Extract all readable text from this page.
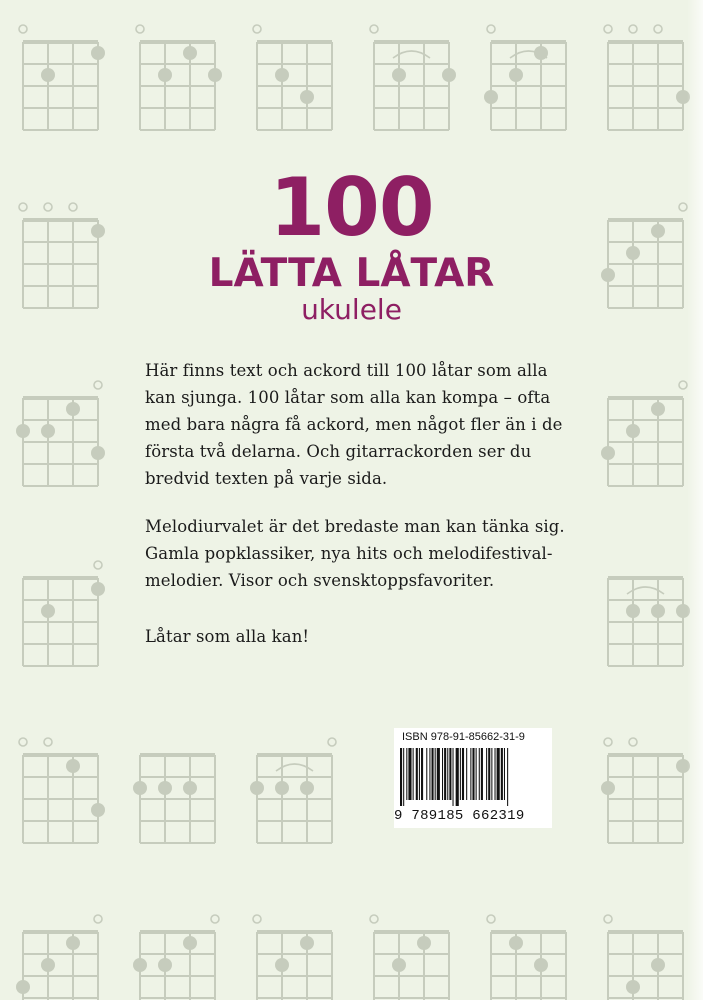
100
LÄTTA LÅTAR
ukulele

Här finns text och ackord till 100 låtar som alla kan sjunga. 100 låtar som alla kan kompa – ofta med bara några få ackord, men något fler än i de första två delarna. Och gitarrackorden ser du bredvid texten på varje sida.

Melodiurvalet är det bredaste man kan tänka sig. Gamla popklassiker, nya hits och melodifestival-melodier. Visor och svensktoppsfavoriter.

Låtar som alla kan!

ISBN 978-91-85662-31-9
9 789185 662319
